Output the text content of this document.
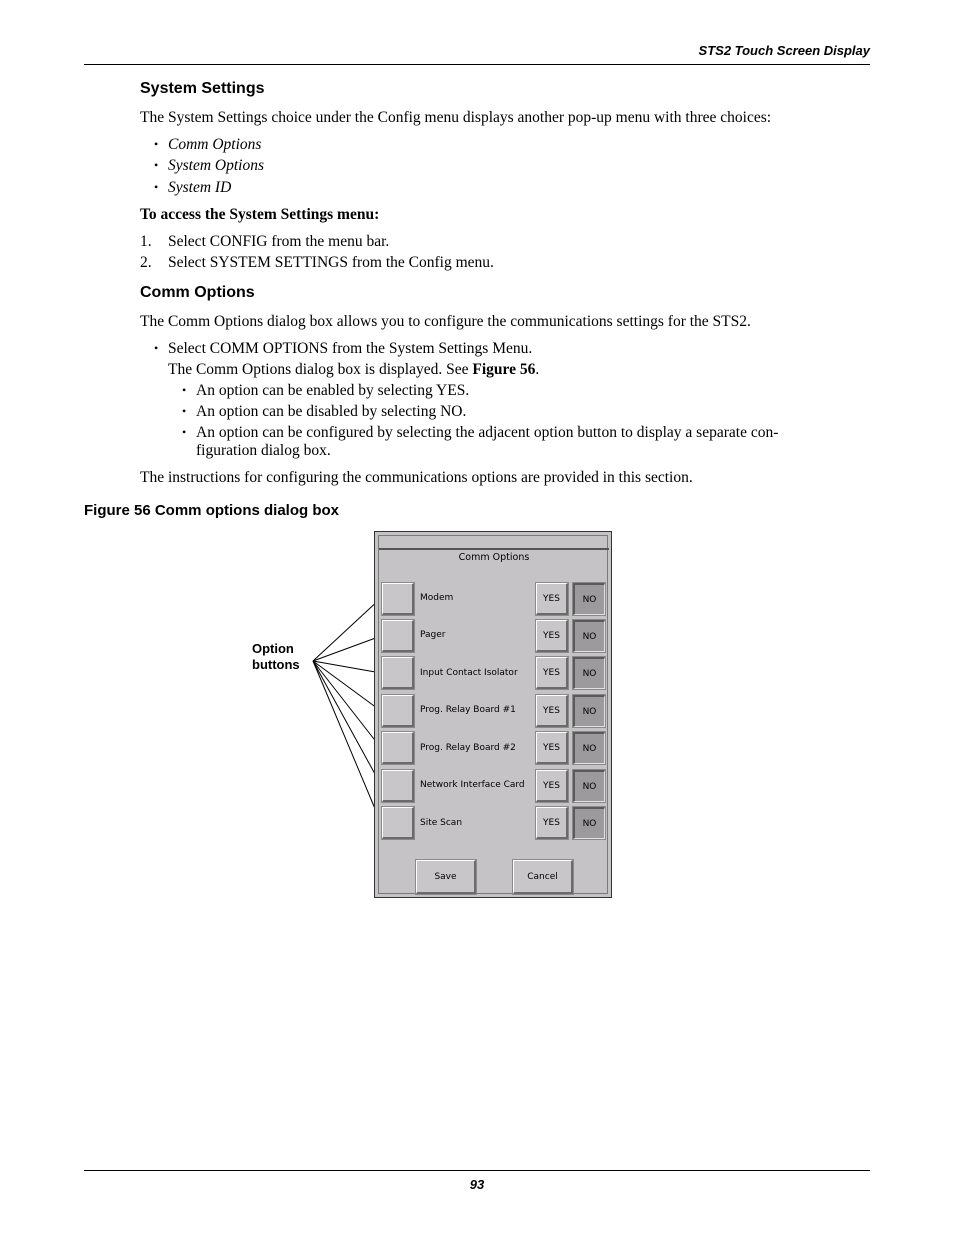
STS2 Touch Screen Display
System Settings
The System Settings choice under the Config menu displays another pop-up menu with three choices:
• Comm Options
• System Options
• System ID
To access the System Settings menu:
1. Select CONFIG from the menu bar.
2. Select SYSTEM SETTINGS from the Config menu.
Comm Options
The Comm Options dialog box allows you to configure the communications settings for the STS2.
• Select COMM OPTIONS from the System Settings Menu.
The Comm Options dialog box is displayed. See Figure 56.
• An option can be enabled by selecting YES.
• An option can be disabled by selecting NO.
• An option can be configured by selecting the adjacent option button to display a separate con-
figuration dialog box.
The instructions for configuring the communications options are provided in this section.
Figure 56 Comm options dialog box
Option
buttons
Comm Options
Modem	YES	NO
Pager	YES	NO
Input Contact Isolator	YES	NO
Prog. Relay Board #1	YES	NO
Prog. Relay Board #2	YES	NO
Network Interface Card	YES	NO
Site Scan	YES	NO
Save	Cancel
93
